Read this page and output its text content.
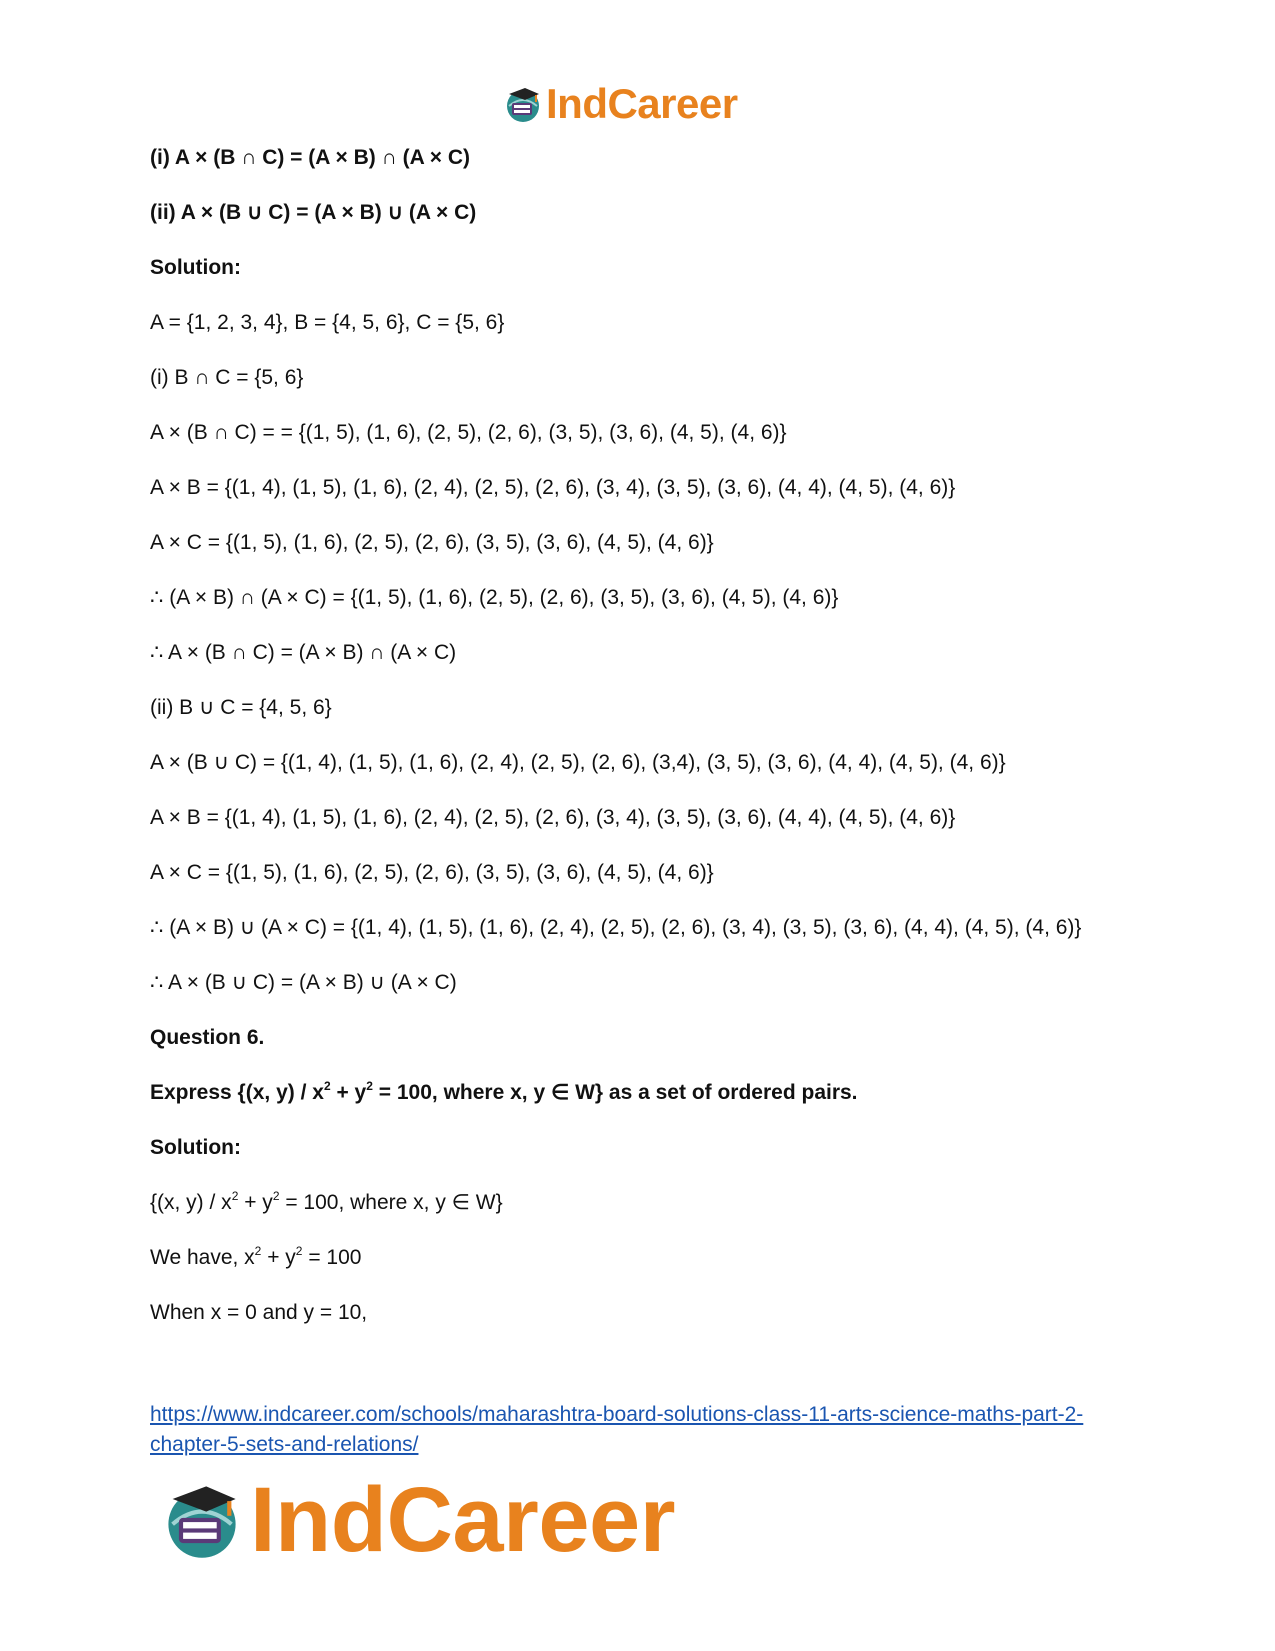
IndCareer
(i) A × (B ∩ C) = (A × B) ∩ (A × C)
(ii) A × (B ∪ C) = (A × B) ∪ (A × C)
Solution:
A = {1, 2, 3, 4}, B = {4, 5, 6}, C = {5, 6}
(i) B ∩ C = {5, 6}
A × (B ∩ C) = = {(1, 5), (1, 6), (2, 5), (2, 6), (3, 5), (3, 6), (4, 5), (4, 6)}
A × B = {(1, 4), (1, 5), (1, 6), (2, 4), (2, 5), (2, 6), (3, 4), (3, 5), (3, 6), (4, 4), (4, 5), (4, 6)}
A × C = {(1, 5), (1, 6), (2, 5), (2, 6), (3, 5), (3, 6), (4, 5), (4, 6)}
∴ (A × B) ∩ (A × C) = {(1, 5), (1, 6), (2, 5), (2, 6), (3, 5), (3, 6), (4, 5), (4, 6)}
∴ A × (B ∩ C) = (A × B) ∩ (A × C)
(ii) B ∪ C = {4, 5, 6}
A × (B ∪ C) = {(1, 4), (1, 5), (1, 6), (2, 4), (2, 5), (2, 6), (3,4), (3, 5), (3, 6), (4, 4), (4, 5), (4, 6)}
A × B = {(1, 4), (1, 5), (1, 6), (2, 4), (2, 5), (2, 6), (3, 4), (3, 5), (3, 6), (4, 4), (4, 5), (4, 6)}
A × C = {(1, 5), (1, 6), (2, 5), (2, 6), (3, 5), (3, 6), (4, 5), (4, 6)}
∴ (A × B) ∪ (A × C) = {(1, 4), (1, 5), (1, 6), (2, 4), (2, 5), (2, 6), (3, 4), (3, 5), (3, 6), (4, 4), (4, 5), (4, 6)}
∴ A × (B ∪ C) = (A × B) ∪ (A × C)
Question 6.
Express {(x, $y) / x^2 + y^2 = 100$, where x, y ∈ W} as a set of ordered pairs.
Solution:
{(x, $y) / x^2 + y^2 = 100$, where x, y ∈ W}
We have, $x^2 + y^2 = 100$
When x = 0 and y = 10,
https://www.indcareer.com/schools/maharashtra-board-solutions-class-11-arts-science-maths-part-2-chapter-5-sets-and-relations/
IndCareer
